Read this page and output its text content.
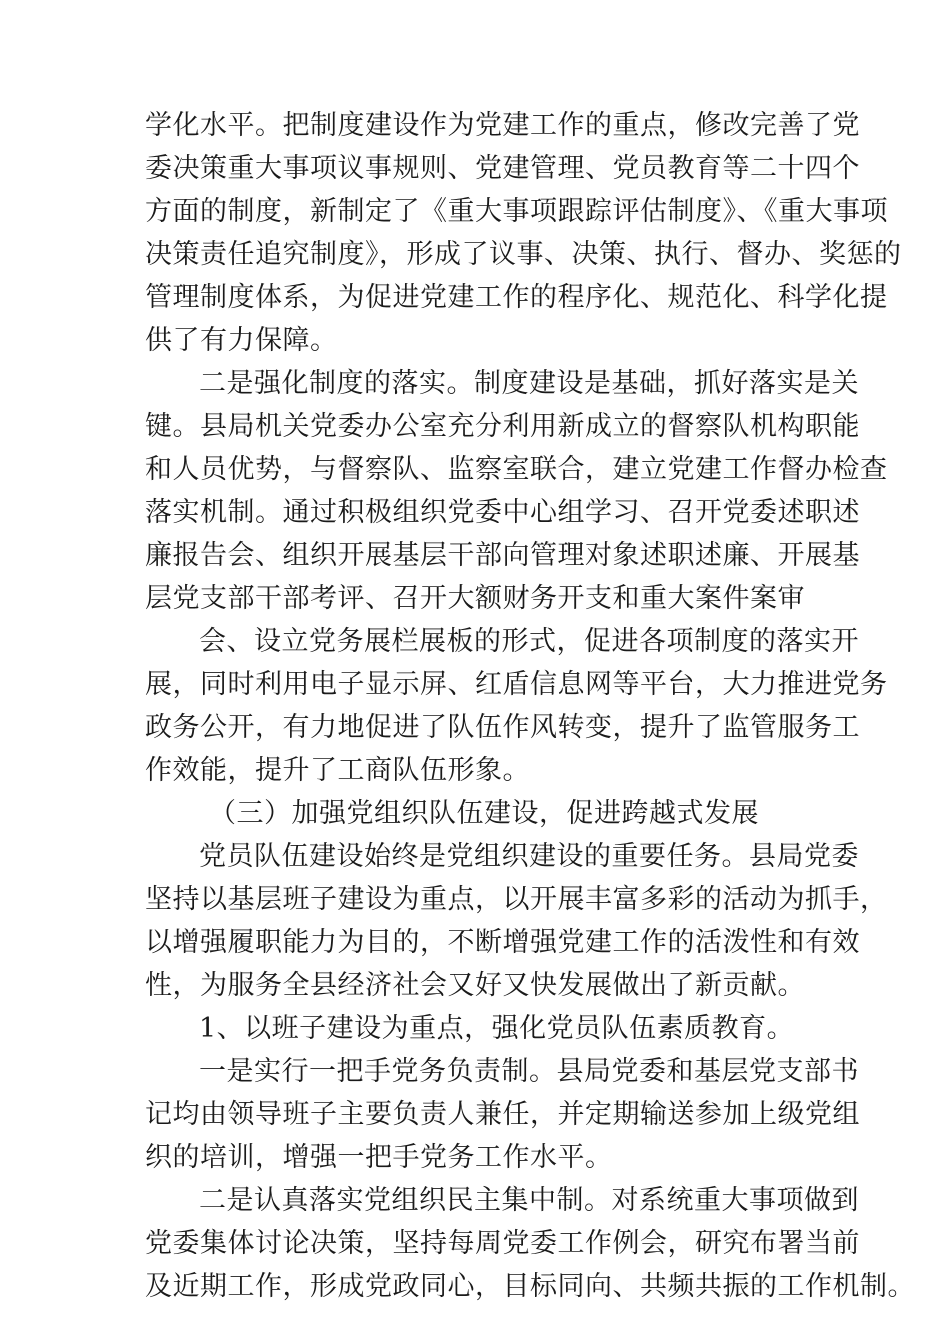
学化水平。把制度建设作为党建工作的重点，修改完善了党
委决策重大事项议事规则、党建管理、党员教育等二十四个
方面的制度，新制定了《重大事项跟踪评估制度》、《重大事项
决策责任追究制度》，形成了议事、决策、执行、督办、奖惩的
管理制度体系，为促进党建工作的程序化、规范化、科学化提
供了有力保障。
二是强化制度的落实。制度建设是基础，抓好落实是关
键。县局机关党委办公室充分利用新成立的督察队机构职能
和人员优势，与督察队、监察室联合，建立党建工作督办检查
落实机制。通过积极组织党委中心组学习、召开党委述职述
廉报告会、组织开展基层干部向管理对象述职述廉、开展基
层党支部干部考评、召开大额财务开支和重大案件案审
会、设立党务展栏展板的形式，促进各项制度的落实开
展，同时利用电子显示屏、红盾信息网等平台，大力推进党务
政务公开，有力地促进了队伍作风转变，提升了监管服务工
作效能，提升了工商队伍形象。
（三）加强党组织队伍建设，促进跨越式发展
党员队伍建设始终是党组织建设的重要任务。县局党委
坚持以基层班子建设为重点，以开展丰富多彩的活动为抓手，
以增强履职能力为目的，不断增强党建工作的活泼性和有效
性，为服务全县经济社会又好又快发展做出了新贡献。
1、以班子建设为重点，强化党员队伍素质教育。
一是实行一把手党务负责制。县局党委和基层党支部书
记均由领导班子主要负责人兼任，并定期输送参加上级党组
织的培训，增强一把手党务工作水平。
二是认真落实党组织民主集中制。对系统重大事项做到
党委集体讨论决策，坚持每周党委工作例会，研究布署当前
及近期工作，形成党政同心，目标同向、共频共振的工作机制。
